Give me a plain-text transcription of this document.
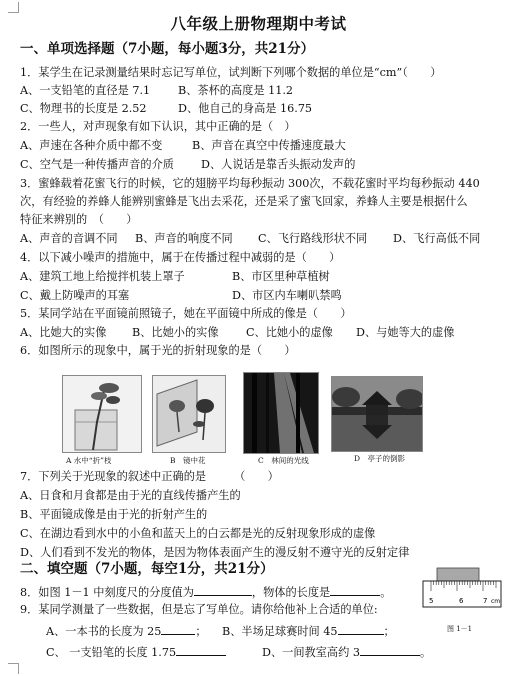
八年级上册物理期中考试
一、单项选择题（7小题，每小题3分，共21分）
1．某学生在记录测量结果时忘记写单位，试判断下列哪个数据的单位是“cm”（　　）
A、一支铅笔的直径是 7.1 B、茶杯的高度是 11.2
C、物理书的长度是 2.52	D、他自己的身高是 16.75
2．一些人，对声现象有如下认识，其中正确的是（　）
A、声速在各种介质中都不变	B、声音在真空中传播速度最大
C、空气是一种传播声音的介质 D、人说话是靠舌头振动发声的
3．蜜蜂载着花蜜飞行的时候，它的翅膀平均每秒振动 300次，不载花蜜时平均每秒振动 440
次，有经验的养蜂人能辨别蜜蜂是飞出去采花，还是采了蜜飞回家，养蜂人主要是根据什么
特征来辨别的　（　　）
A、声音的音调不同 B、声音的响度不同 C、飞行路线形状不同 D、飞行高低不同
4．以下减小噪声的措施中，属于在传播过程中减弱的是（　　）
A、建筑工地上给搅拌机装上罩子	B、市区里种草植树
C、戴上防噪声的耳塞	D、市区内车喇叭禁鸣
5．某同学站在平面镜前照镜子，她在平面镜中所成的像是（　　）
A、比她大的实像 B、比她小的实像 C、比她小的虚像 D、与她等大的虚像
6．如图所示的现象中，属于光的折射现象的是（　　）
A 水中“折”枝	B　镜中花	C　林间的光线	D　亭子的倒影
7．下列关于光现象的叙述中正确的是　　　（　　）
A、日食和月食都是由于光的直线传播产生的
B、平面镜成像是由于光的折射产生的
C、在湖边看到水中的小鱼和蓝天上的白云都是光的反射现象形成的虚像
D、人们看到不发光的物体，是因为物体表面产生的漫反射不遵守光的反射定律
二、填空题（7小题，每空1分，共21分）
8．如图 1－1 中刻度尺的分度值为	，物体的长度是	。
9．某同学测量了一些数据，但是忘了写单位。请你给他补上合适的单位:
A、一本书的长度为 25	； B、半场足球赛时间 45	；
C、 一支铅笔的长度 1.75	D、一间教室高约 3	。
5	6	7 cm
图 1－1
